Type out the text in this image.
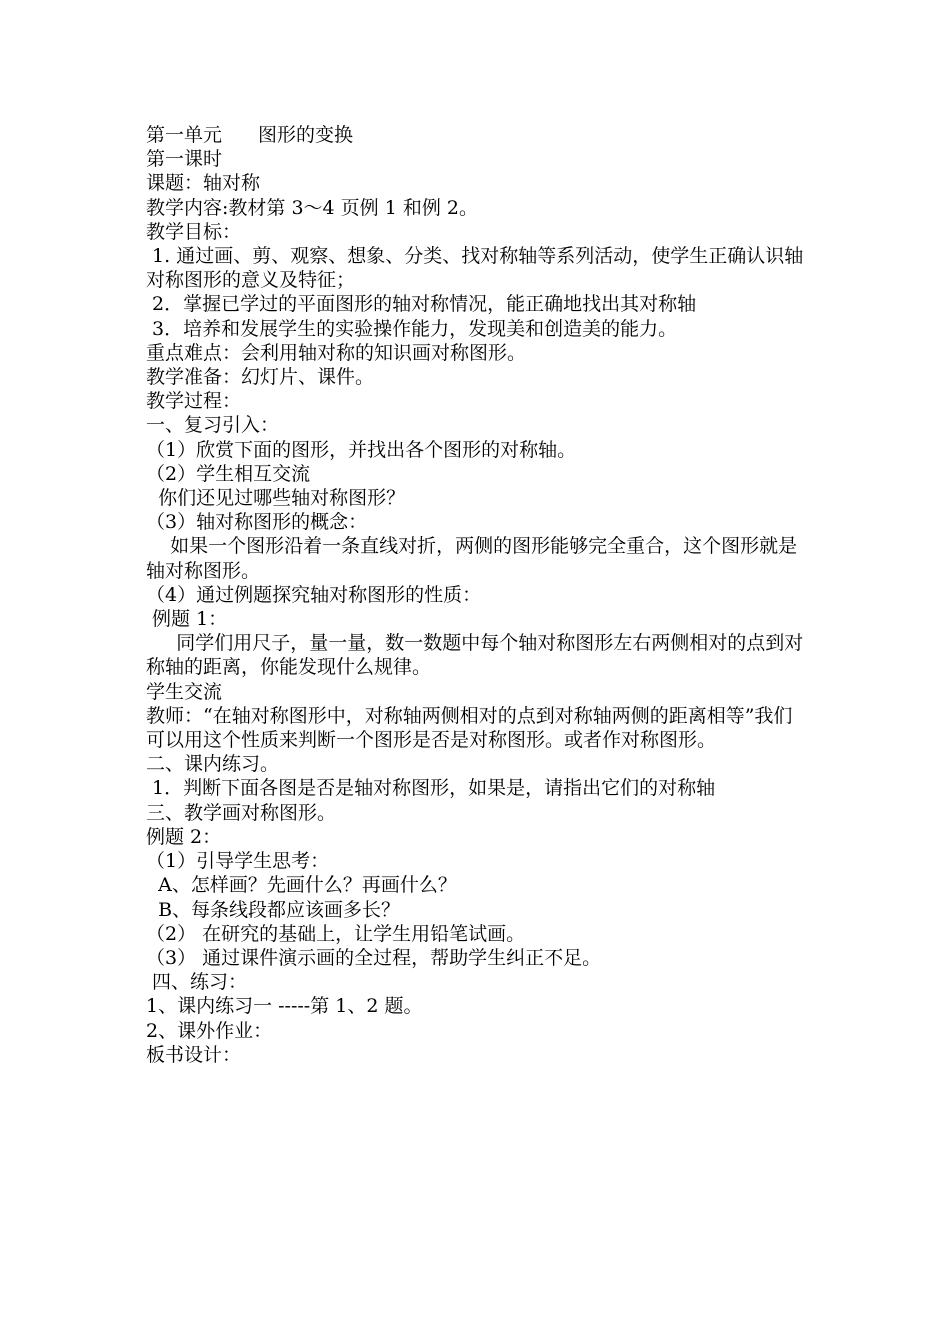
第一单元 图形的变换

第一课时

课题：轴对称

教学内容:教材第 3～4 页例 1 和例 2。

教学目标：

1. 通过画、剪、观察、想象、分类、找对称轴等系列活动，使学生正确认识轴对称图形的意义及特征；

2．掌握已学过的平面图形的轴对称情况，能正确地找出其对称轴

3．培养和发展学生的实验操作能力，发现美和创造美的能力。

重点难点：会利用轴对称的知识画对称图形。

教学准备：幻灯片、课件。

教学过程：

一、复习引入：

（1）欣赏下面的图形，并找出各个图形的对称轴。

（2）学生相互交流

你们还见过哪些轴对称图形？

（3）轴对称图形的概念：

如果一个图形沿着一条直线对折，两侧的图形能够完全重合，这个图形就是轴对称图形。

（4）通过例题探究轴对称图形的性质：

例题 1：

同学们用尺子，量一量，数一数题中每个轴对称图形左右两侧相对的点到对称轴的距离，你能发现什么规律。

学生交流

教师：“在轴对称图形中，对称轴两侧相对的点到对称轴两侧的距离相等”我们可以用这个性质来判断一个图形是否是对称图形。或者作对称图形。

二、课内练习。

1．判断下面各图是否是轴对称图形，如果是，请指出它们的对称轴

三、教学画对称图形。

例题 2：

（1）引导学生思考：

A、怎样画？先画什么？再画什么？

B、每条线段都应该画多长？

（2） 在研究的基础上，让学生用铅笔试画。

（3） 通过课件演示画的全过程，帮助学生纠正不足。

四、练习：

1、课内练习一 -----第 1、2 题。

2、课外作业：

板书设计：
